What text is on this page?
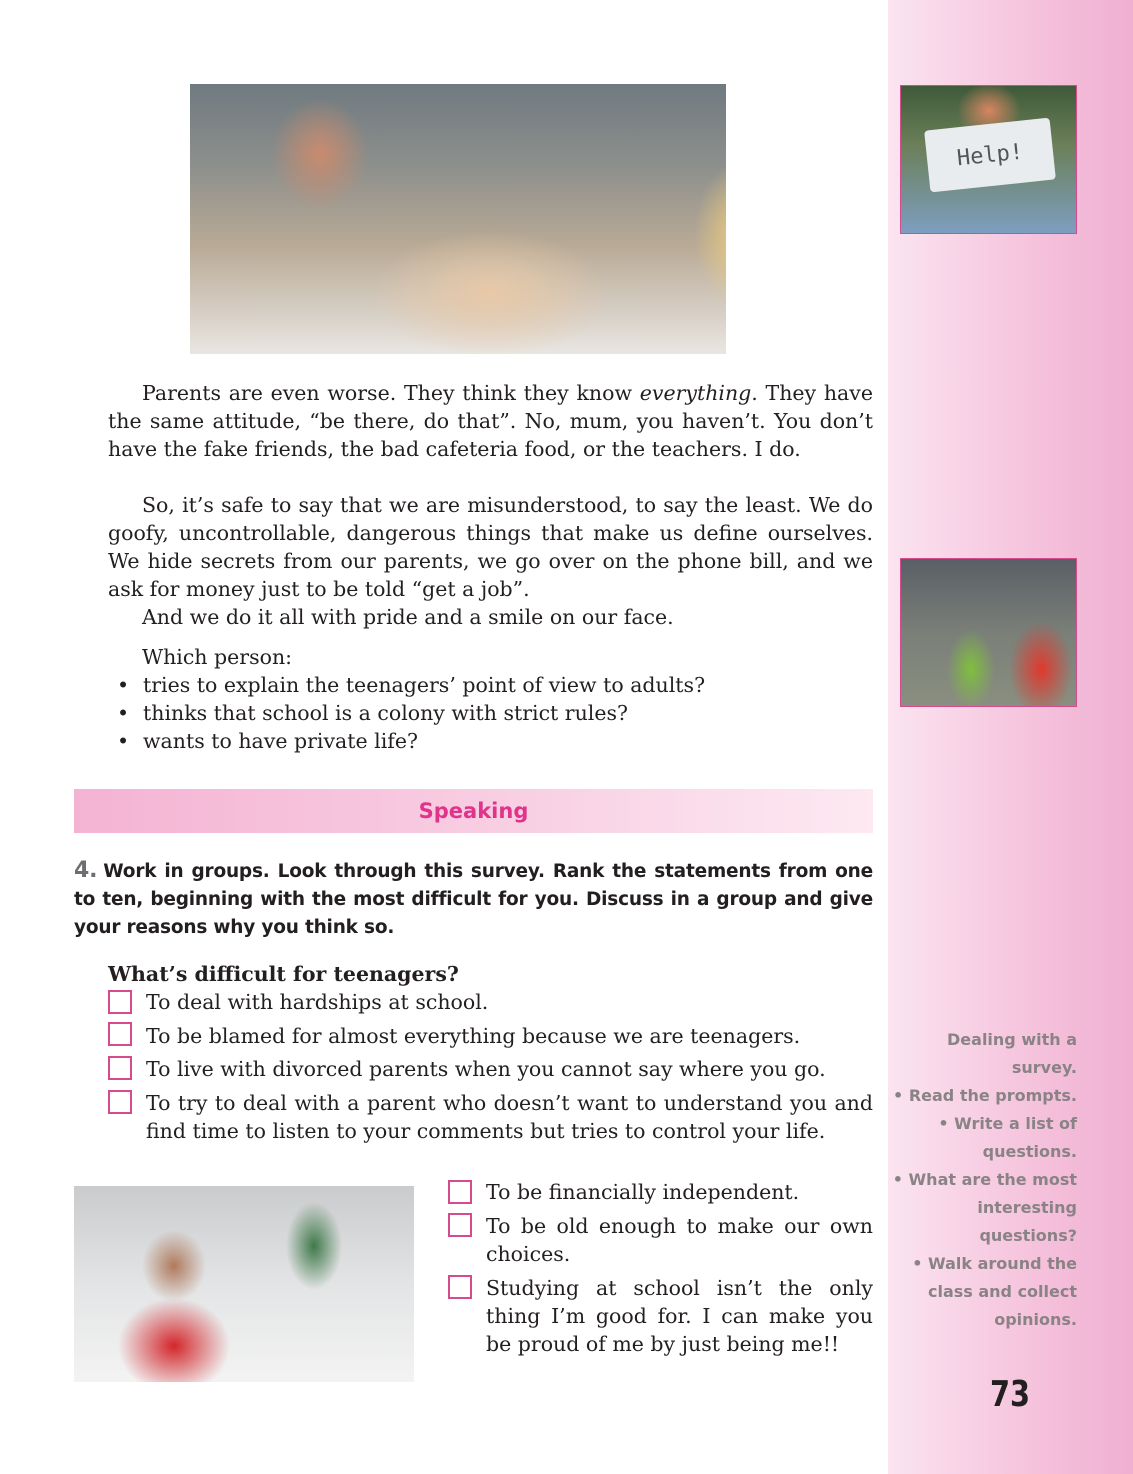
Help!

Parents are even worse. They think they know everything. They have the same attitude, “be there, do that”. No, mum, you haven’t. You don’t have the fake friends, the bad cafeteria food, or the teachers. I do.

So, it’s safe to say that we are misunderstood, to say the least. We do goofy, uncontrollable, dangerous things that make us define ourselves. We hide secrets from our parents, we go over on the phone bill, and we ask for money just to be told “get a job”.

And we do it all with pride and a smile on our face.

Which person:

• tries to explain the teenagers’ point of view to adults?
• thinks that school is a colony with strict rules?
• wants to have private life?
Speaking

4. Work in groups. Look through this survey. Rank the statements from one to ten, beginning with the most difficult for you. Discuss in a group and give your reasons why you think so.

What’s difficult for teenagers?

To deal with hardships at school.

To be blamed for almost everything because we are teenagers.

To live with divorced parents when you cannot say where you go.

To try to deal with a parent who doesn’t want to understand you and find time to listen to your comments but tries to control your life.

To be financially independent.

To be old enough to make our own choices.

Studying at school isn’t the only thing I’m good for. I can make you be proud of me by just being me!!

Dealing with a survey.
• Read the prompts.
• Write a list of questions.
• What are the most interesting questions?
• Walk around the class and collect opinions.
73
